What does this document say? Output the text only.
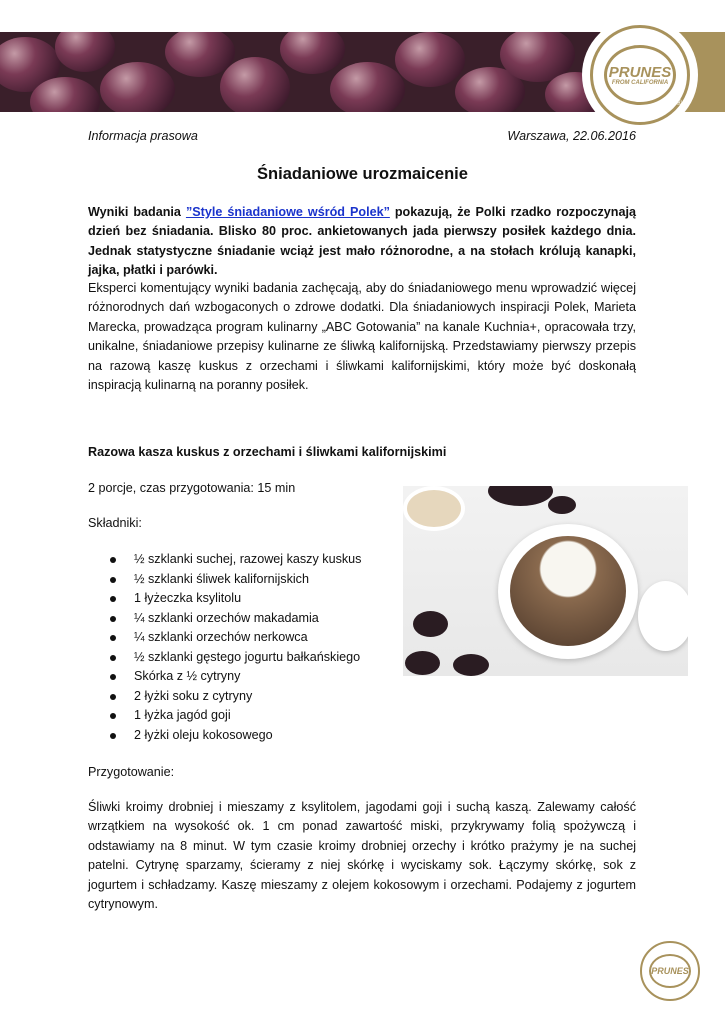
PRUNES
FROM CALIFORNIA
®
Informacja prasowa	Warszawa, 22.06.2016
Śniadaniowe urozmaicenie
Wyniki badania ”Style śniadaniowe wśród Polek” pokazują, że Polki rzadko rozpoczynają dzień bez śniadania. Blisko 80 proc. ankietowanych jada pierwszy posiłek każdego dnia. Jednak statystyczne śniadanie wciąż jest mało różnorodne, a na stołach królują kanapki, jajka, płatki i parówki.
Eksperci komentujący wyniki badania zachęcają, aby do śniadaniowego menu wprowadzić więcej różnorodnych dań wzbogaconych o zdrowe dodatki. Dla śniadaniowych inspiracji Polek, Marieta Marecka, prowadząca program kulinarny „ABC Gotowania” na kanale Kuchnia+, opracowała trzy, unikalne, śniadaniowe przepisy kulinarne ze śliwką kalifornijską. Przedstawiamy pierwszy przepis na razową kaszę kuskus z orzechami i śliwkami kalifornijskimi, który może być doskonałą inspiracją kulinarną na poranny posiłek.
Razowa kasza kuskus z orzechami i śliwkami kalifornijskimi
2 porcje, czas przygotowania: 15 min
Składniki:
½ szklanki suchej, razowej kaszy kuskus
½ szklanki śliwek kalifornijskich
1 łyżeczka ksylitolu
¼ szklanki orzechów makadamia
¼ szklanki orzechów nerkowca
½ szklanki gęstego jogurtu bałkańskiego
Skórka z ½ cytryny
2 łyżki soku z cytryny
1 łyżka jagód goji
2 łyżki oleju kokosowego
Przygotowanie:
Śliwki kroimy drobniej i mieszamy z ksylitolem, jagodami goji i suchą kaszą. Zalewamy całość wrzątkiem na wysokość ok. 1 cm ponad zawartość miski, przykrywamy folią spożywczą i odstawiamy na 8 minut. W tym czasie kroimy drobniej orzechy i krótko prażymy je na suchej patelni. Cytrynę sparzamy, ścieramy z niej skórkę i wyciskamy sok. Łączymy skórkę, sok z jogurtem i schładzamy. Kaszę mieszamy z olejem kokosowym i orzechami. Podajemy z jogurtem cytrynowym.
PRUNES
